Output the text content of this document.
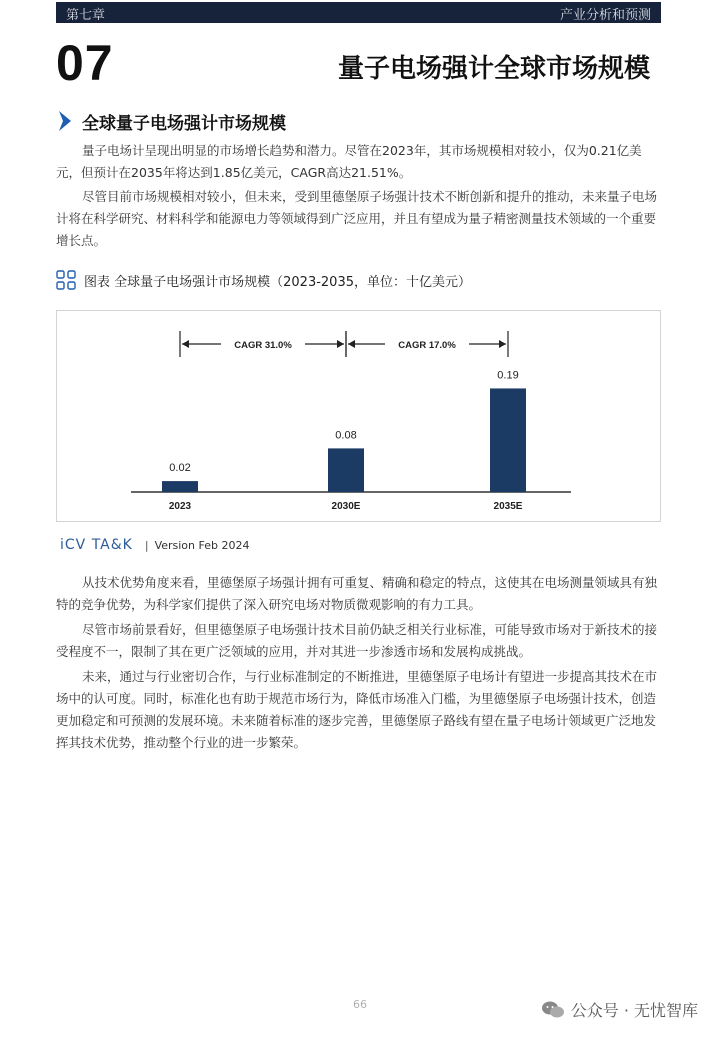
第七章	产业分析和预测
07	量子电场强计全球市场规模
全球量子电场强计市场规模

量子电场计呈现出明显的市场增长趋势和潜力。尽管在2023年，其市场规模相对较小，仅为0.21亿美元，但预计在2035年将达到1.85亿美元，CAGR高达21.51%。

尽管目前市场规模相对较小，但未来，受到里德堡原子场强计技术不断创新和提升的推动，未来量子电场计将在科学研究、材料科学和能源电力等领域得到广泛应用，并且有望成为量子精密测量技术领域的一个重要增长点。

图表 全球量子电场强计市场规模（2023-2035，单位：十亿美元）
0.02
2023
0.08
2030E
0.19
2035E
CAGR 31.0%	CAGR 17.0%
iCV TA&K | Version Feb 2024

从技术优势角度来看，里德堡原子场强计拥有可重复、精确和稳定的特点，这使其在电场测量领域具有独特的竞争优势，为科学家们提供了深入研究电场对物质微观影响的有力工具。

尽管市场前景看好，但里德堡原子电场强计技术目前仍缺乏相关行业标准，可能导致市场对于新技术的接受程度不一，限制了其在更广泛领域的应用，并对其进一步渗透市场和发展构成挑战。

未来，通过与行业密切合作，与行业标准制定的不断推进，里德堡原子电场计有望进一步提高其技术在市场中的认可度。同时，标准化也有助于规范市场行为，降低市场准入门槛，为里德堡原子电场强计技术，创造更加稳定和可预测的发展环境。未来随着标准的逐步完善，里德堡原子路线有望在量子电场计领域更广泛地发挥其技术优势，推动整个行业的进一步繁荣。

66	公众号 · 无忧智库
